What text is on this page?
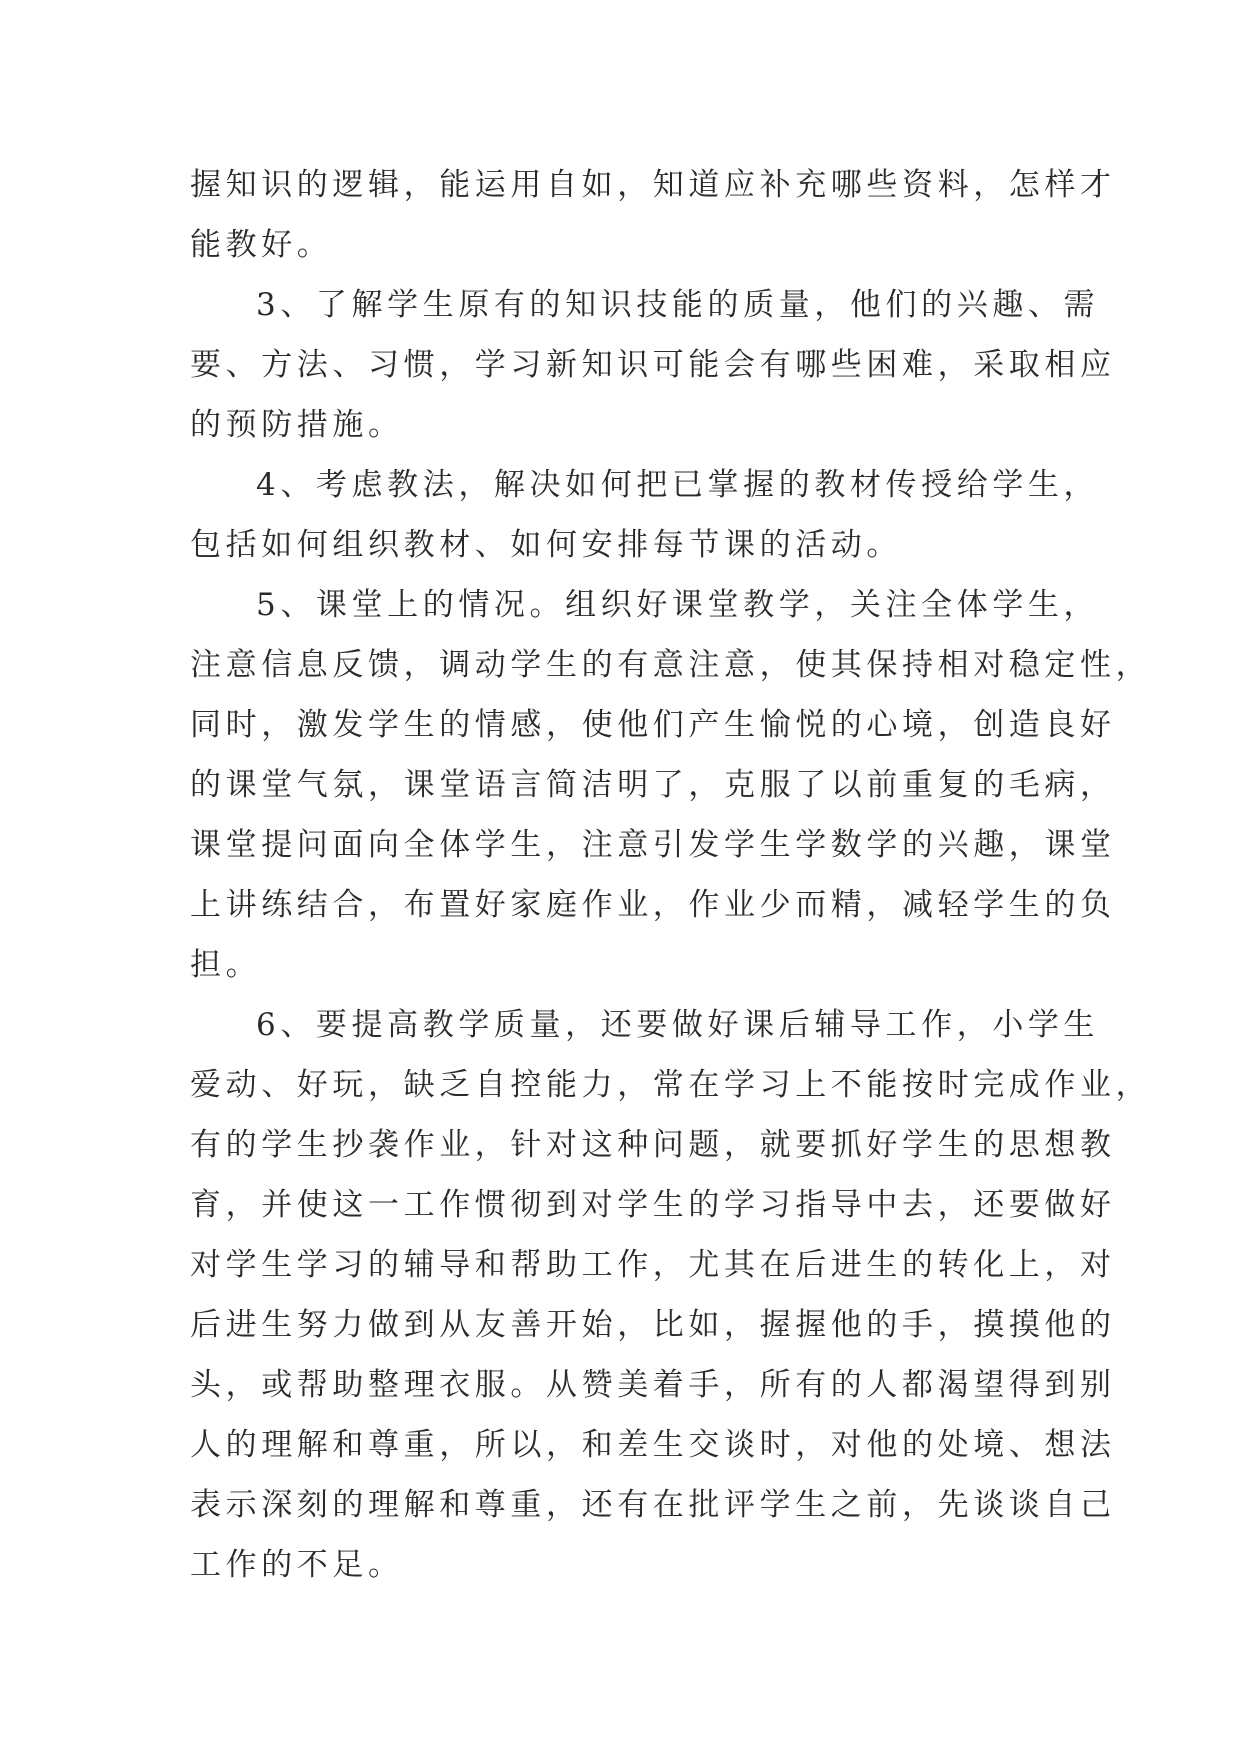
握知识的逻辑，能运用自如，知道应补充哪些资料，怎样才
能教好。
3、了解学生原有的知识技能的质量，他们的兴趣、需
要、方法、习惯，学习新知识可能会有哪些困难，采取相应
的预防措施。
4、考虑教法，解决如何把已掌握的教材传授给学生，
包括如何组织教材、如何安排每节课的活动。
5、课堂上的情况。组织好课堂教学，关注全体学生，
注意信息反馈，调动学生的有意注意，使其保持相对稳定性，
同时，激发学生的情感，使他们产生愉悦的心境，创造良好
的课堂气氛，课堂语言简洁明了，克服了以前重复的毛病，
课堂提问面向全体学生，注意引发学生学数学的兴趣，课堂
上讲练结合，布置好家庭作业，作业少而精，减轻学生的负
担。
6、要提高教学质量，还要做好课后辅导工作，小学生
爱动、好玩，缺乏自控能力，常在学习上不能按时完成作业，
有的学生抄袭作业，针对这种问题，就要抓好学生的思想教
育，并使这一工作惯彻到对学生的学习指导中去，还要做好
对学生学习的辅导和帮助工作，尤其在后进生的转化上，对
后进生努力做到从友善开始，比如，握握他的手，摸摸他的
头，或帮助整理衣服。从赞美着手，所有的人都渴望得到别
人的理解和尊重，所以，和差生交谈时，对他的处境、想法
表示深刻的理解和尊重，还有在批评学生之前，先谈谈自己
工作的不足。
